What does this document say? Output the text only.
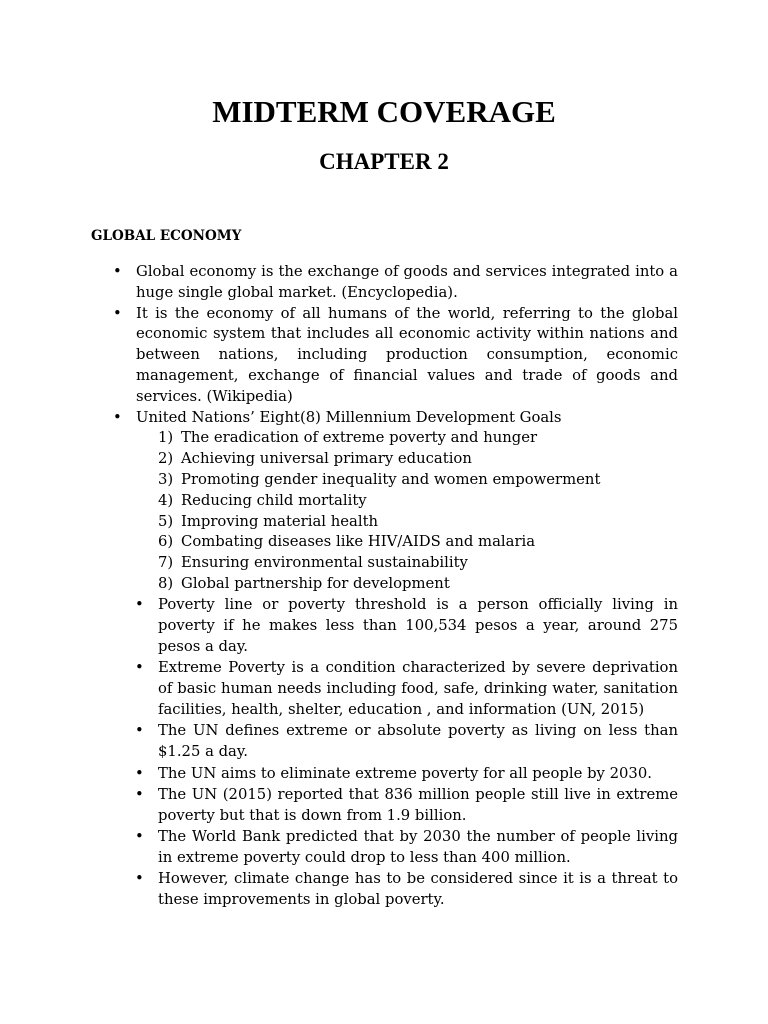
MIDTERM COVERAGE
CHAPTER 2
GLOBAL ECONOMY
• Global economy is the exchange of goods and services integrated into a huge single global market. (Encyclopedia).
• It is the economy of all humans of the world, referring to the global economic system that includes all economic activity within nations and between nations, including production consumption, economic management, exchange of financial values and trade of goods and services. (Wikipedia)
• United Nations’ Eight(8) Millennium Development Goals
1) The eradication of extreme poverty and hunger
2) Achieving universal primary education
3) Promoting gender inequality and women empowerment
4) Reducing child mortality
5) Improving material health
6) Combating diseases like HIV/AIDS and malaria
7) Ensuring environmental sustainability
8) Global partnership for development
• Poverty line or poverty threshold is a person officially living in poverty if he makes less than 100,534 pesos a year, around 275 pesos a day.
• Extreme Poverty is a condition characterized by severe deprivation of basic human needs including food, safe, drinking water, sanitation facilities, health, shelter, education , and information (UN, 2015)
• The UN defines extreme or absolute poverty as living on less than $1.25 a day.
• The UN aims to eliminate extreme poverty for all people by 2030.
• The UN (2015) reported that 836 million people still live in extreme poverty but that is down from 1.9 billion.
• The World Bank predicted that by 2030 the number of people living in extreme poverty could drop to less than 400 million.
• However, climate change has to be considered since it is a threat to these improvements in global poverty.
